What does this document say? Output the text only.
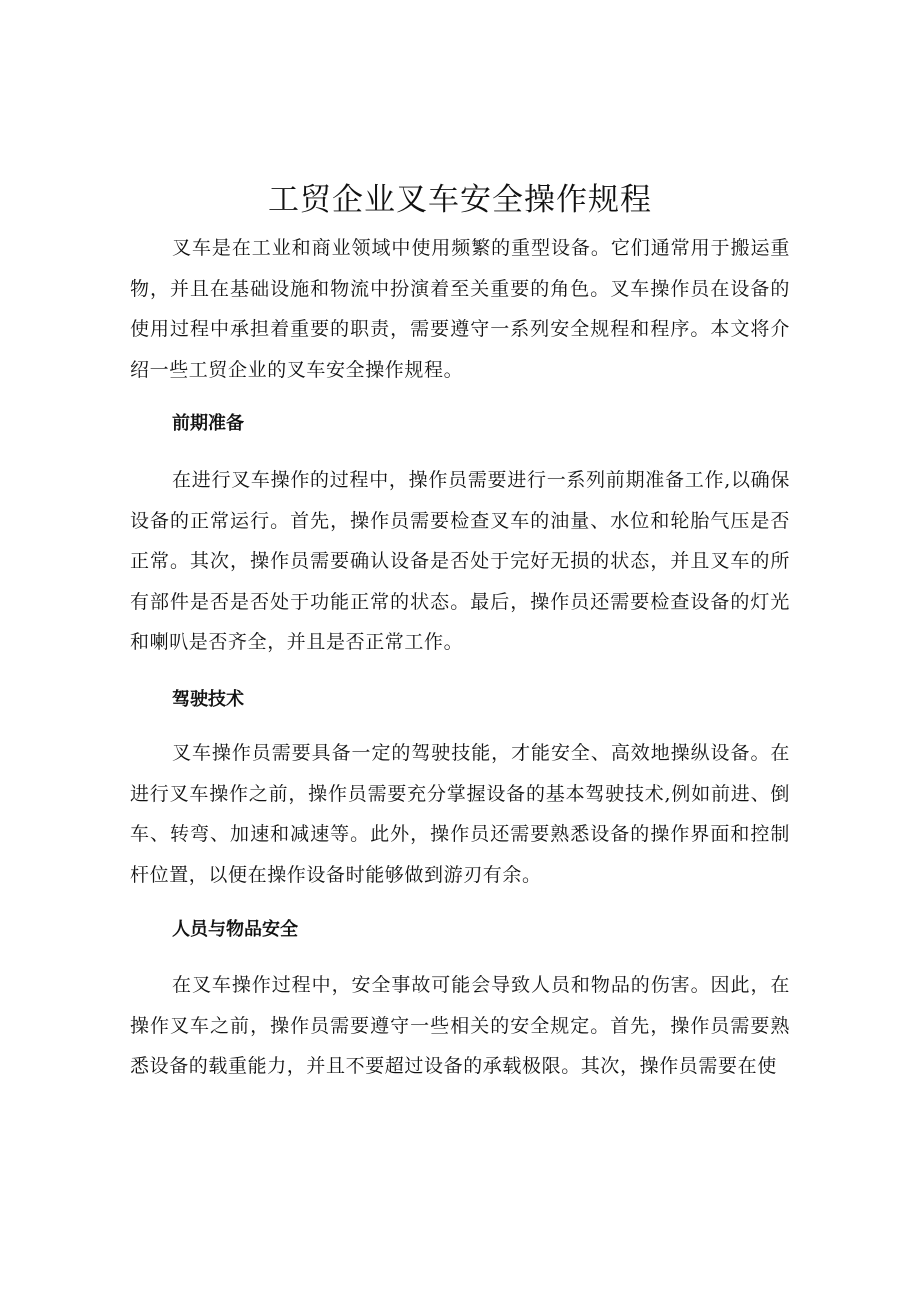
工贸企业叉车安全操作规程

叉车是在工业和商业领域中使用频繁的重型设备。它们通常用于搬运重物，并且在基础设施和物流中扮演着至关重要的角色。叉车操作员在设备的使用过程中承担着重要的职责，需要遵守一系列安全规程和程序。本文将介绍一些工贸企业的叉车安全操作规程。

前期准备

在进行叉车操作的过程中，操作员需要进行一系列前期准备工作,以确保设备的正常运行。首先，操作员需要检查叉车的油量、水位和轮胎气压是否正常。其次，操作员需要确认设备是否处于完好无损的状态，并且叉车的所有部件是否是否处于功能正常的状态。最后，操作员还需要检查设备的灯光和喇叭是否齐全，并且是否正常工作。

驾驶技术

叉车操作员需要具备一定的驾驶技能，才能安全、高效地操纵设备。在进行叉车操作之前，操作员需要充分掌握设备的基本驾驶技术,例如前进、倒车、转弯、加速和减速等。此外，操作员还需要熟悉设备的操作界面和控制杆位置，以便在操作设备时能够做到游刃有余。

人员与物品安全

在叉车操作过程中，安全事故可能会导致人员和物品的伤害。因此，在操作叉车之前，操作员需要遵守一些相关的安全规定。首先，操作员需要熟悉设备的载重能力，并且不要超过设备的承载极限。其次，操作员需要在使
